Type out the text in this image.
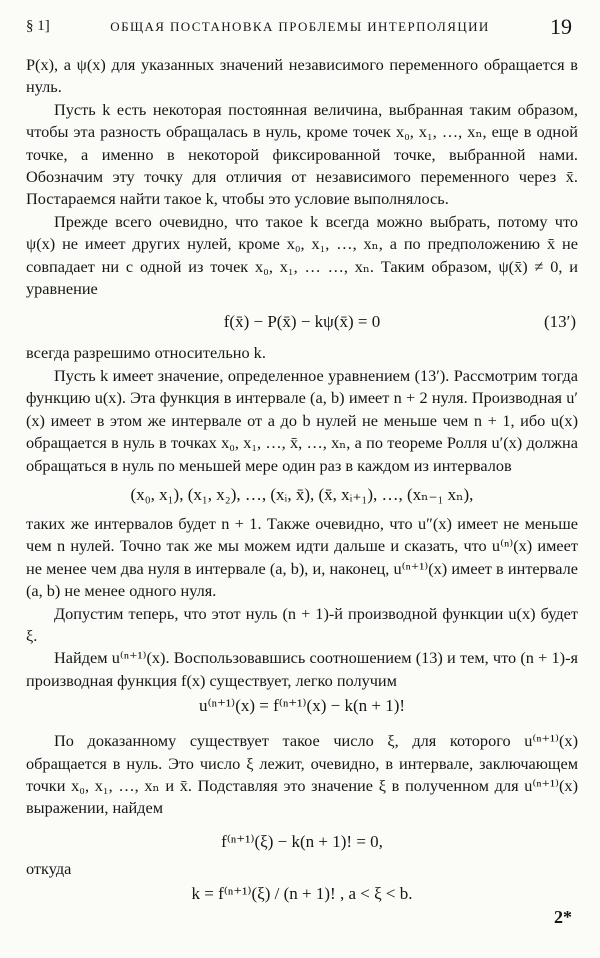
§ 1]	ОБЩАЯ ПОСТАНОВКА ПРОБЛЕМЫ ИНТЕРПОЛЯЦИИ	19

P(x), а ψ(x) для указанных значений независимого переменного обращается в нуль.

Пусть k есть некоторая постоянная величина, выбранная таким образом, чтобы эта разность обращалась в нуль, кроме точек x₀, x₁, …, xₙ, еще в одной точке, а именно в некоторой фиксированной точке, выбранной нами. Обозначим эту точку для отличия от независимого переменного через x̄. Постараемся найти такое k, чтобы это условие выполнялось.

Прежде всего очевидно, что такое k всегда можно выбрать, потому что ψ(x) не имеет других нулей, кроме x₀, x₁, …, xₙ, а по предположению x̄ не совпадает ни с одной из точек x₀, x₁, … …, xₙ. Таким образом, ψ(x̄) ≠ 0, и уравнение

f(x̄) − P(x̄) − kψ(x̄) = 0	(13′)

всегда разрешимо относительно k.

Пусть k имеет значение, определенное уравнением (13′). Рассмотрим тогда функцию u(x). Эта функция в интервале (a, b) имеет n + 2 нуля. Производная u′(x) имеет в этом же интервале от a до b нулей не меньше чем n + 1, ибо u(x) обращается в нуль в точках x₀, x₁, …, x̄, …, xₙ, а по теореме Ролля u′(x) должна обращаться в нуль по меньшей мере один раз в каждом из интервалов

(x₀, x₁), (x₁, x₂), …, (xᵢ, x̄), (x̄, xᵢ₊₁), …, (xₙ₋₁ xₙ),

таких же интервалов будет n + 1. Также очевидно, что u″(x) имеет не меньше чем n нулей. Точно так же мы можем идти дальше и сказать, что u⁽ⁿ⁾(x) имеет не менее чем два нуля в интервале (a, b), и, наконец, u⁽ⁿ⁺¹⁾(x) имеет в интервале (a, b) не менее одного нуля.

Допустим теперь, что этот нуль (n + 1)-й производной функции u(x) будет ξ.

Найдем u⁽ⁿ⁺¹⁾(x). Воспользовавшись соотношением (13) и тем, что (n + 1)-я производная функция f(x) существует, легко получим

u⁽ⁿ⁺¹⁾(x) = f⁽ⁿ⁺¹⁾(x) − k(n + 1)!

По доказанному существует такое число ξ, для которого u⁽ⁿ⁺¹⁾(x) обращается в нуль. Это число ξ лежит, очевидно, в интервале, заключающем точки x₀, x₁, …, xₙ и x̄. Подставляя это значение ξ в полученном для u⁽ⁿ⁺¹⁾(x) выражении, найдем

f⁽ⁿ⁺¹⁾(ξ) − k(n + 1)! = 0,

откуда

k = f⁽ⁿ⁺¹⁾(ξ) / (n + 1)! , a < ξ < b.
2*
